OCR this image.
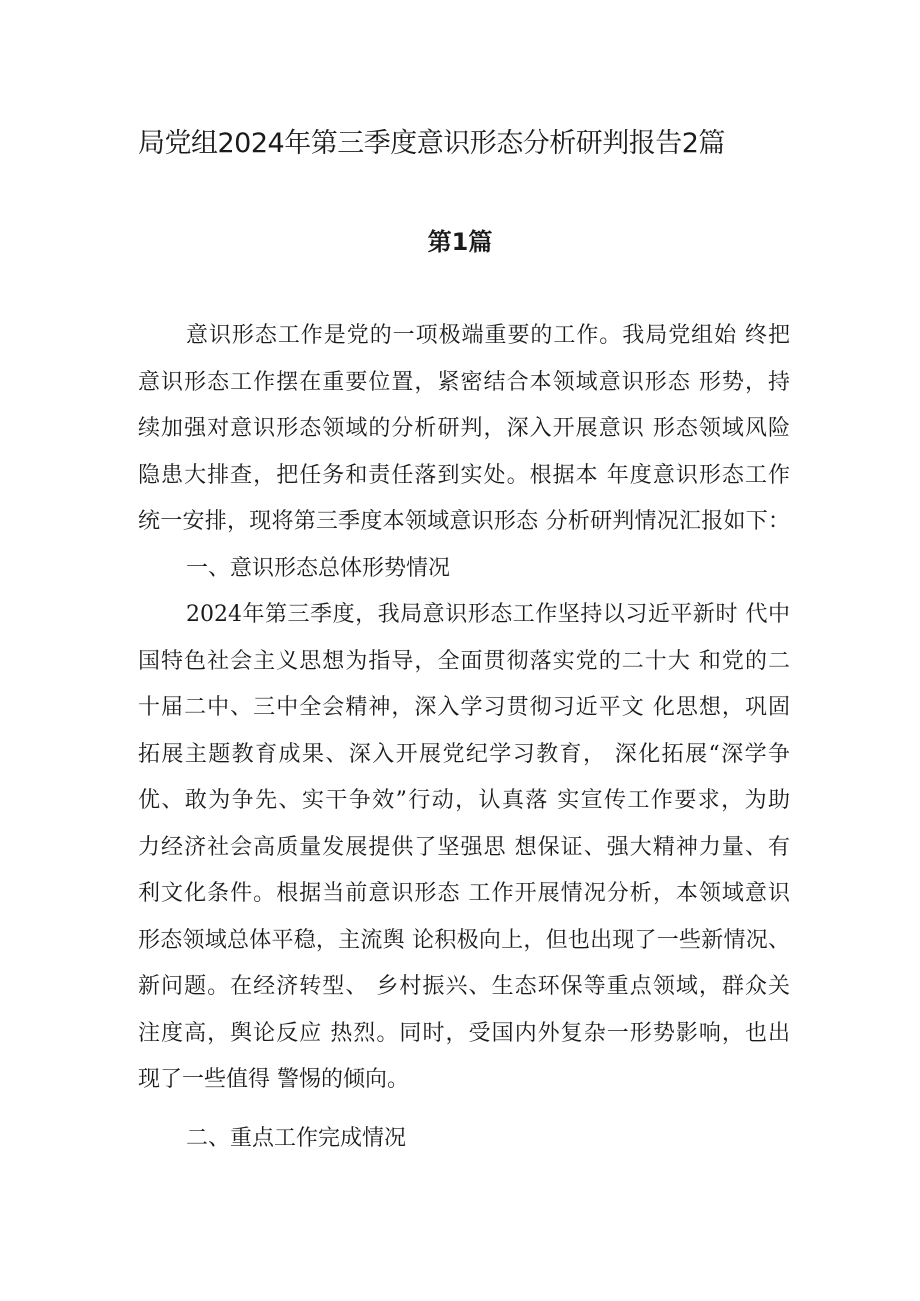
局党组2024年第三季度意识形态分析研判报告2篇
第1篇
意识形态工作是党的一项极端重要的工作。我局党组始 终把
意识形态工作摆在重要位置，紧密结合本领域意识形态 形势，持
续加强对意识形态领域的分析研判，深入开展意识 形态领域风险
隐患大排查，把任务和责任落到实处。根据本 年度意识形态工作
统一安排，现将第三季度本领域意识形态 分析研判情况汇报如下：
一、意识形态总体形势情况
2024年第三季度，我局意识形态工作坚持以习近平新时 代中
国特色社会主义思想为指导，全面贯彻落实党的二十大 和党的二
十届二中、三中全会精神，深入学习贯彻习近平文 化思想，巩固
拓展主题教育成果、深入开展党纪学习教育， 深化拓展“深学争
优、敢为争先、实干争效”行动，认真落 实宣传工作要求，为助
力经济社会高质量发展提供了坚强思 想保证、强大精神力量、有
利文化条件。根据当前意识形态 工作开展情况分析，本领域意识
形态领域总体平稳，主流舆 论积极向上，但也出现了一些新情况、
新问题。在经济转型、 乡村振兴、生态环保等重点领域，群众关
注度高，舆论反应 热烈。同时，受国内外复杂一形势影响，也出
现了一些值得 警惕的倾向。
二、重点工作完成情况
